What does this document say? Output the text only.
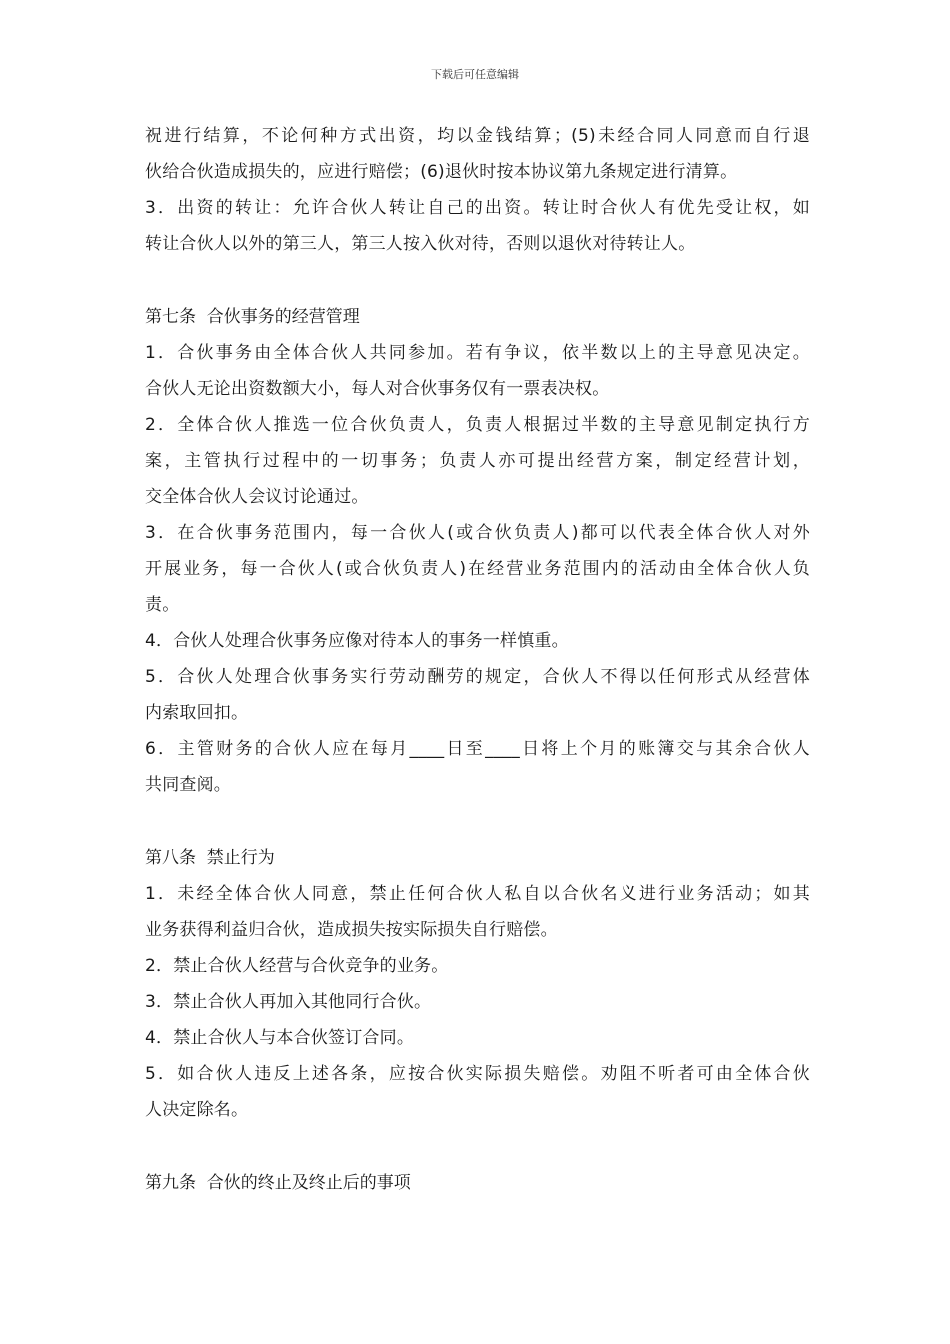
下载后可任意编辑
祝进行结算，不论何种方式出资，均以金钱结算；(5)未经合同人同意而自行退
伙给合伙造成损失的，应进行赔偿；(6)退伙时按本协议第九条规定进行清算。
3．出资的转让：允许合伙人转让自己的出资。转让时合伙人有优先受让权，如
转让合伙人以外的第三人，第三人按入伙对待，否则以退伙对待转让人。
第七条  合伙事务的经营管理
1．合伙事务由全体合伙人共同参加。若有争议，依半数以上的主导意见决定。
合伙人无论出资数额大小，每人对合伙事务仅有一票表决权。
2．全体合伙人推选一位合伙负责人，负责人根据过半数的主导意见制定执行方
案，主管执行过程中的一切事务；负责人亦可提出经营方案，制定经营计划，
交全体合伙人会议讨论通过。
3．在合伙事务范围内，每一合伙人(或合伙负责人)都可以代表全体合伙人对外
开展业务，每一合伙人(或合伙负责人)在经营业务范围内的活动由全体合伙人负
责。
4．合伙人处理合伙事务应像对待本人的事务一样慎重。
5．合伙人处理合伙事务实行劳动酬劳的规定，合伙人不得以任何形式从经营体
内索取回扣。
6．主管财务的合伙人应在每月____日至____日将上个月的账簿交与其余合伙人
共同查阅。
第八条  禁止行为
1．未经全体合伙人同意，禁止任何合伙人私自以合伙名义进行业务活动；如其
业务获得利益归合伙，造成损失按实际损失自行赔偿。
2．禁止合伙人经营与合伙竞争的业务。
3．禁止合伙人再加入其他同行合伙。
4．禁止合伙人与本合伙签订合同。
5．如合伙人违反上述各条，应按合伙实际损失赔偿。劝阻不听者可由全体合伙
人决定除名。
第九条  合伙的终止及终止后的事项
